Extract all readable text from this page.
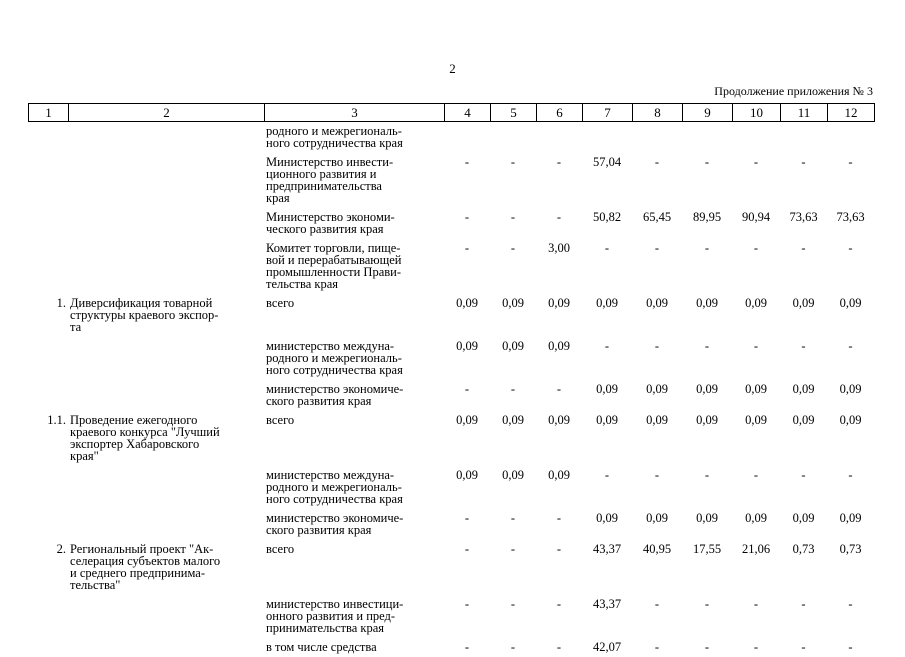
2
Продолжение приложения № 3
1	2	3	4	5	6	7	8	9	10	11	12
		родного и межрегиональ-
ного сотрудничества края									
		Министерство инвести-
ционного развития и
предпринимательства
края	-	-	-	57,04	-	-	-	-	-
		Министерство экономи-
ческого развития края	-	-	-	50,82	65,45	89,95	90,94	73,63	73,63
		Комитет торговли, пище-
вой и перерабатывающей
промышленности Прави-
тельства края	-	-	3,00	-	-	-	-	-	-
1.	Диверсификация товарной
структуры краевого экспор-
та	всего	0,09	0,09	0,09	0,09	0,09	0,09	0,09	0,09	0,09
		министерство междуна-
родного и межрегиональ-
ного сотрудничества края	0,09	0,09	0,09	-	-	-	-	-	-
		министерство экономиче-
ского развития края	-	-	-	0,09	0,09	0,09	0,09	0,09	0,09
1.1.	Проведение ежегодного
краевого конкурса "Лучший
экспортер Хабаровского
края"	всего	0,09	0,09	0,09	0,09	0,09	0,09	0,09	0,09	0,09
		министерство междуна-
родного и межрегиональ-
ного сотрудничества края	0,09	0,09	0,09	-	-	-	-	-	-
		министерство экономиче-
ского развития края	-	-	-	0,09	0,09	0,09	0,09	0,09	0,09
2.	Региональный проект "Ак-
селерация субъектов малого
и среднего предпринима-
тельства"	всего	-	-	-	43,37	40,95	17,55	21,06	0,73	0,73
		министерство инвестици-
онного развития и пред-
принимательства края	-	-	-	43,37	-	-	-	-	-
		в том числе средства	-	-	-	42,07	-	-	-	-	-
